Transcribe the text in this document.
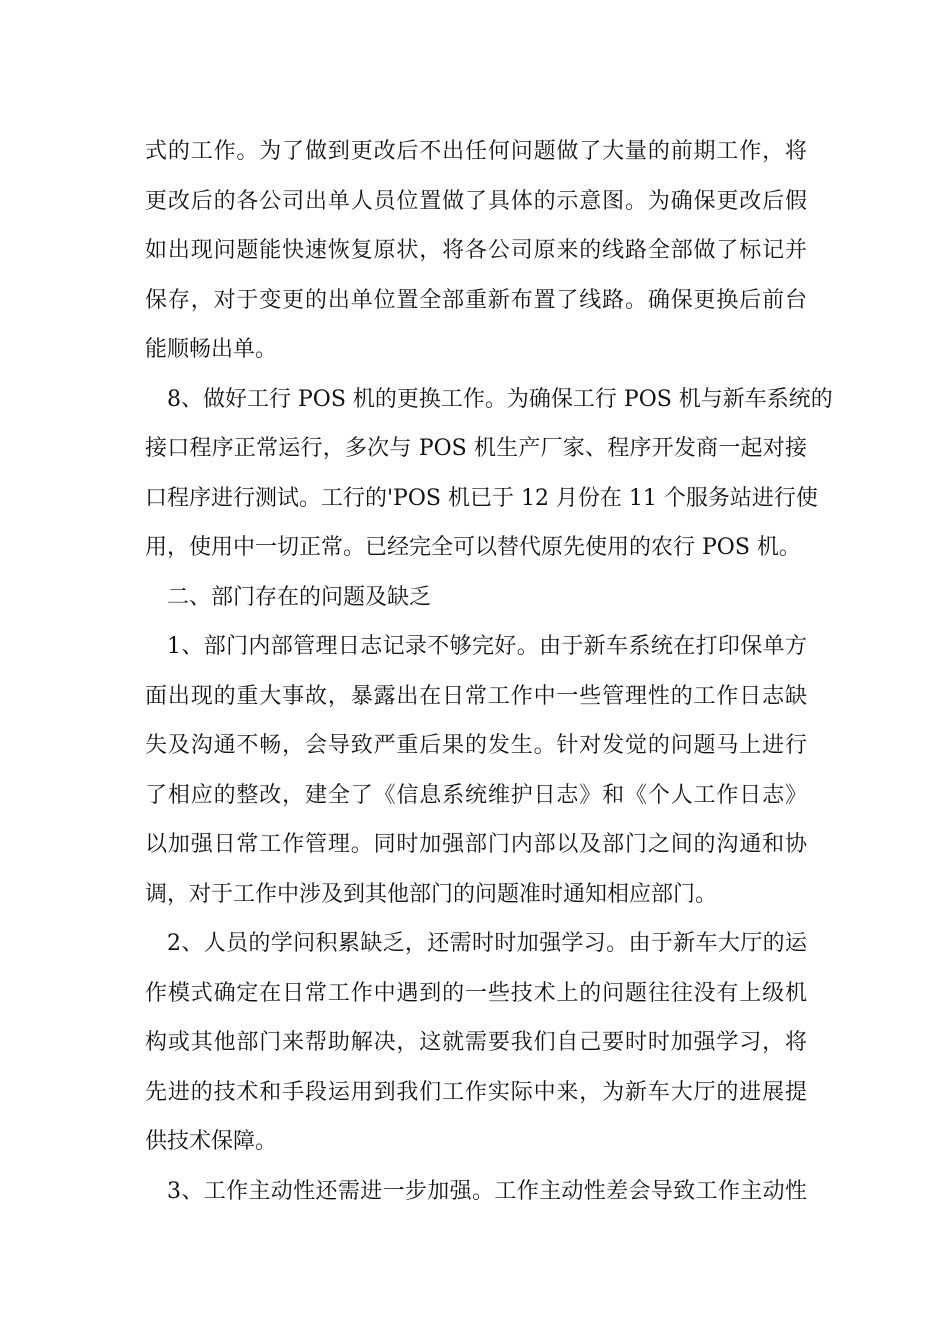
式的工作。为了做到更改后不出任何问题做了大量的前期工作，将
更改后的各公司出单人员位置做了具体的示意图。为确保更改后假
如出现问题能快速恢复原状，将各公司原来的线路全部做了标记并
保存，对于变更的出单位置全部重新布置了线路。确保更换后前台
能顺畅出单。
8、做好工行 POS 机的更换工作。为确保工行 POS 机与新车系统的
接口程序正常运行，多次与 POS 机生产厂家、程序开发商一起对接
口程序进行测试。工行的'POS 机已于 12 月份在 11 个服务站进行使
用，使用中一切正常。已经完全可以替代原先使用的农行 POS 机。
二、部门存在的问题及缺乏
1、部门内部管理日志记录不够完好。由于新车系统在打印保单方
面出现的重大事故，暴露出在日常工作中一些管理性的工作日志缺
失及沟通不畅，会导致严重后果的发生。针对发觉的问题马上进行
了相应的整改，建全了《信息系统维护日志》和《个人工作日志》
以加强日常工作管理。同时加强部门内部以及部门之间的沟通和协
调，对于工作中涉及到其他部门的问题准时通知相应部门。
2、人员的学问积累缺乏，还需时时加强学习。由于新车大厅的运
作模式确定在日常工作中遇到的一些技术上的问题往往没有上级机
构或其他部门来帮助解决，这就需要我们自己要时时加强学习，将
先进的技术和手段运用到我们工作实际中来，为新车大厅的进展提
供技术保障。
3、工作主动性还需进一步加强。工作主动性差会导致工作主动性
